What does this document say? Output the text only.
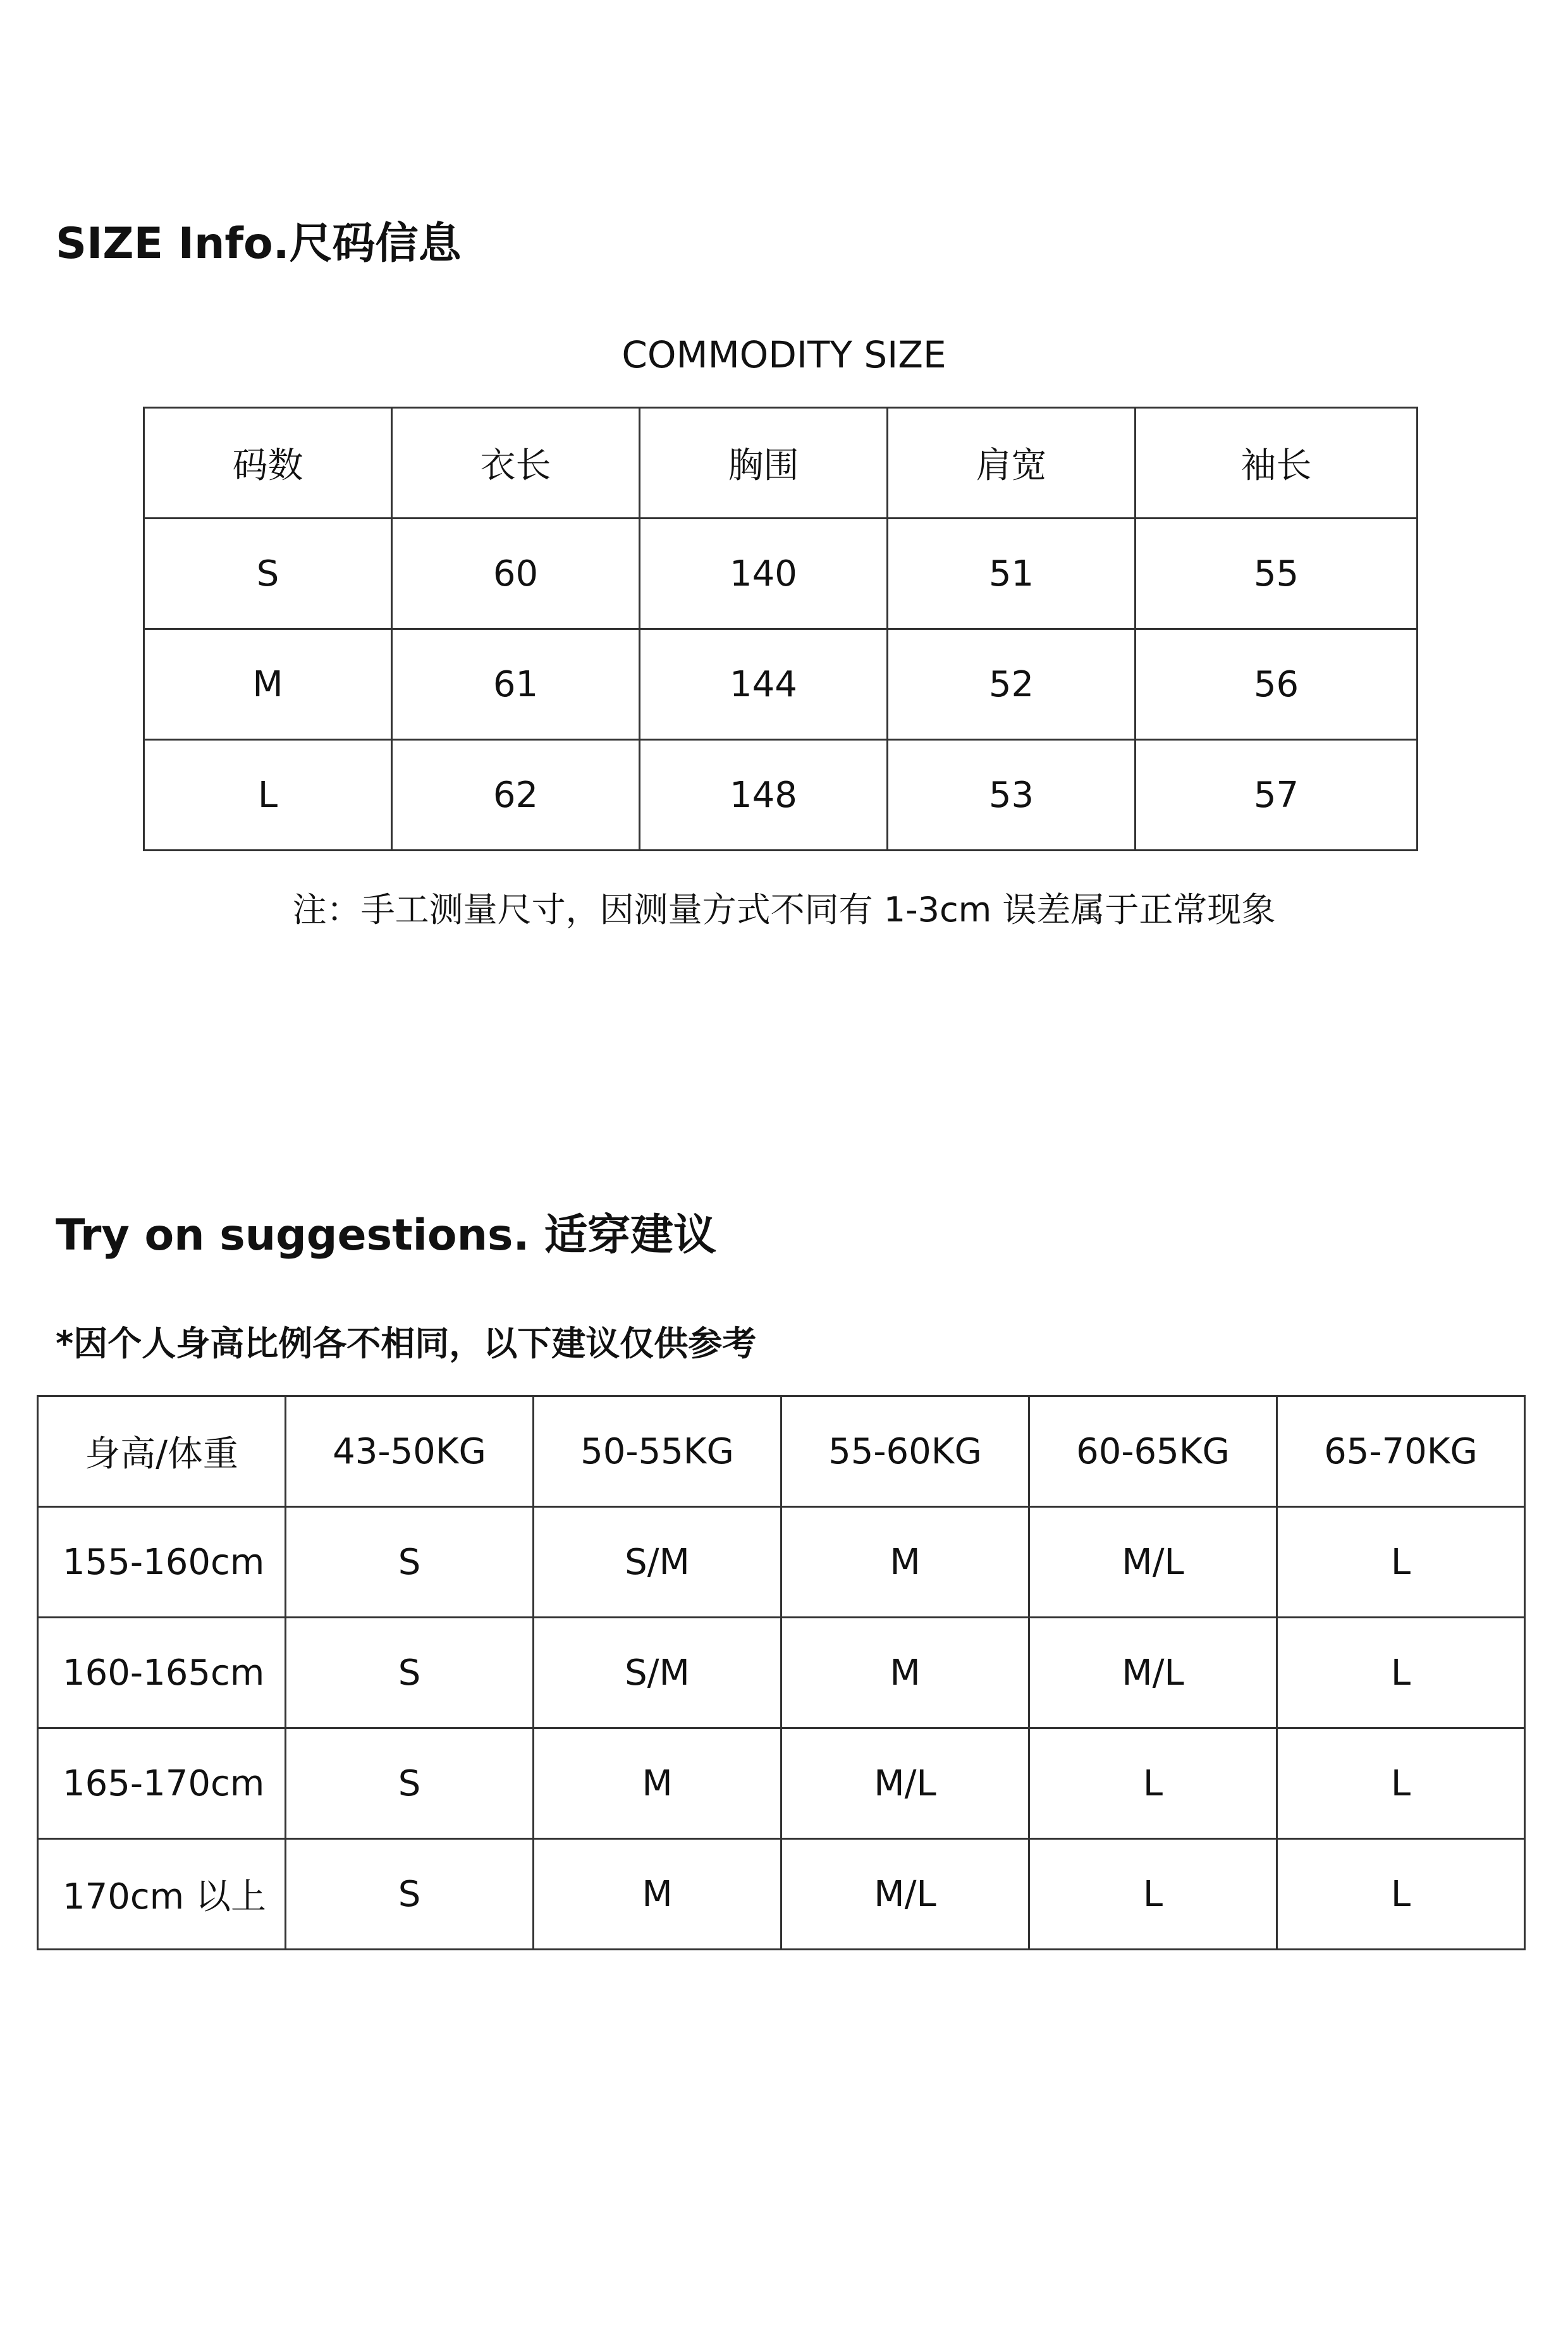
SIZE Info.尺码信息
COMMODITY SIZE
码数	衣长	胸围	肩宽	袖长
S	60	140	51	55
M	61	144	52	56
L	62	148	53	57
注：手工测量尺寸，因测量方式不同有 1-3cm 误差属于正常现象
Try on suggestions. 适穿建议
*因个人身高比例各不相同，以下建议仅供参考
身高/体重	43-50KG	50-55KG	55-60KG	60-65KG	65-70KG
155-160cm	S	S/M	M	M/L	L
160-165cm	S	S/M	M	M/L	L
165-170cm	S	M	M/L	L	L
170cm 以上	S	M	M/L	L	L
